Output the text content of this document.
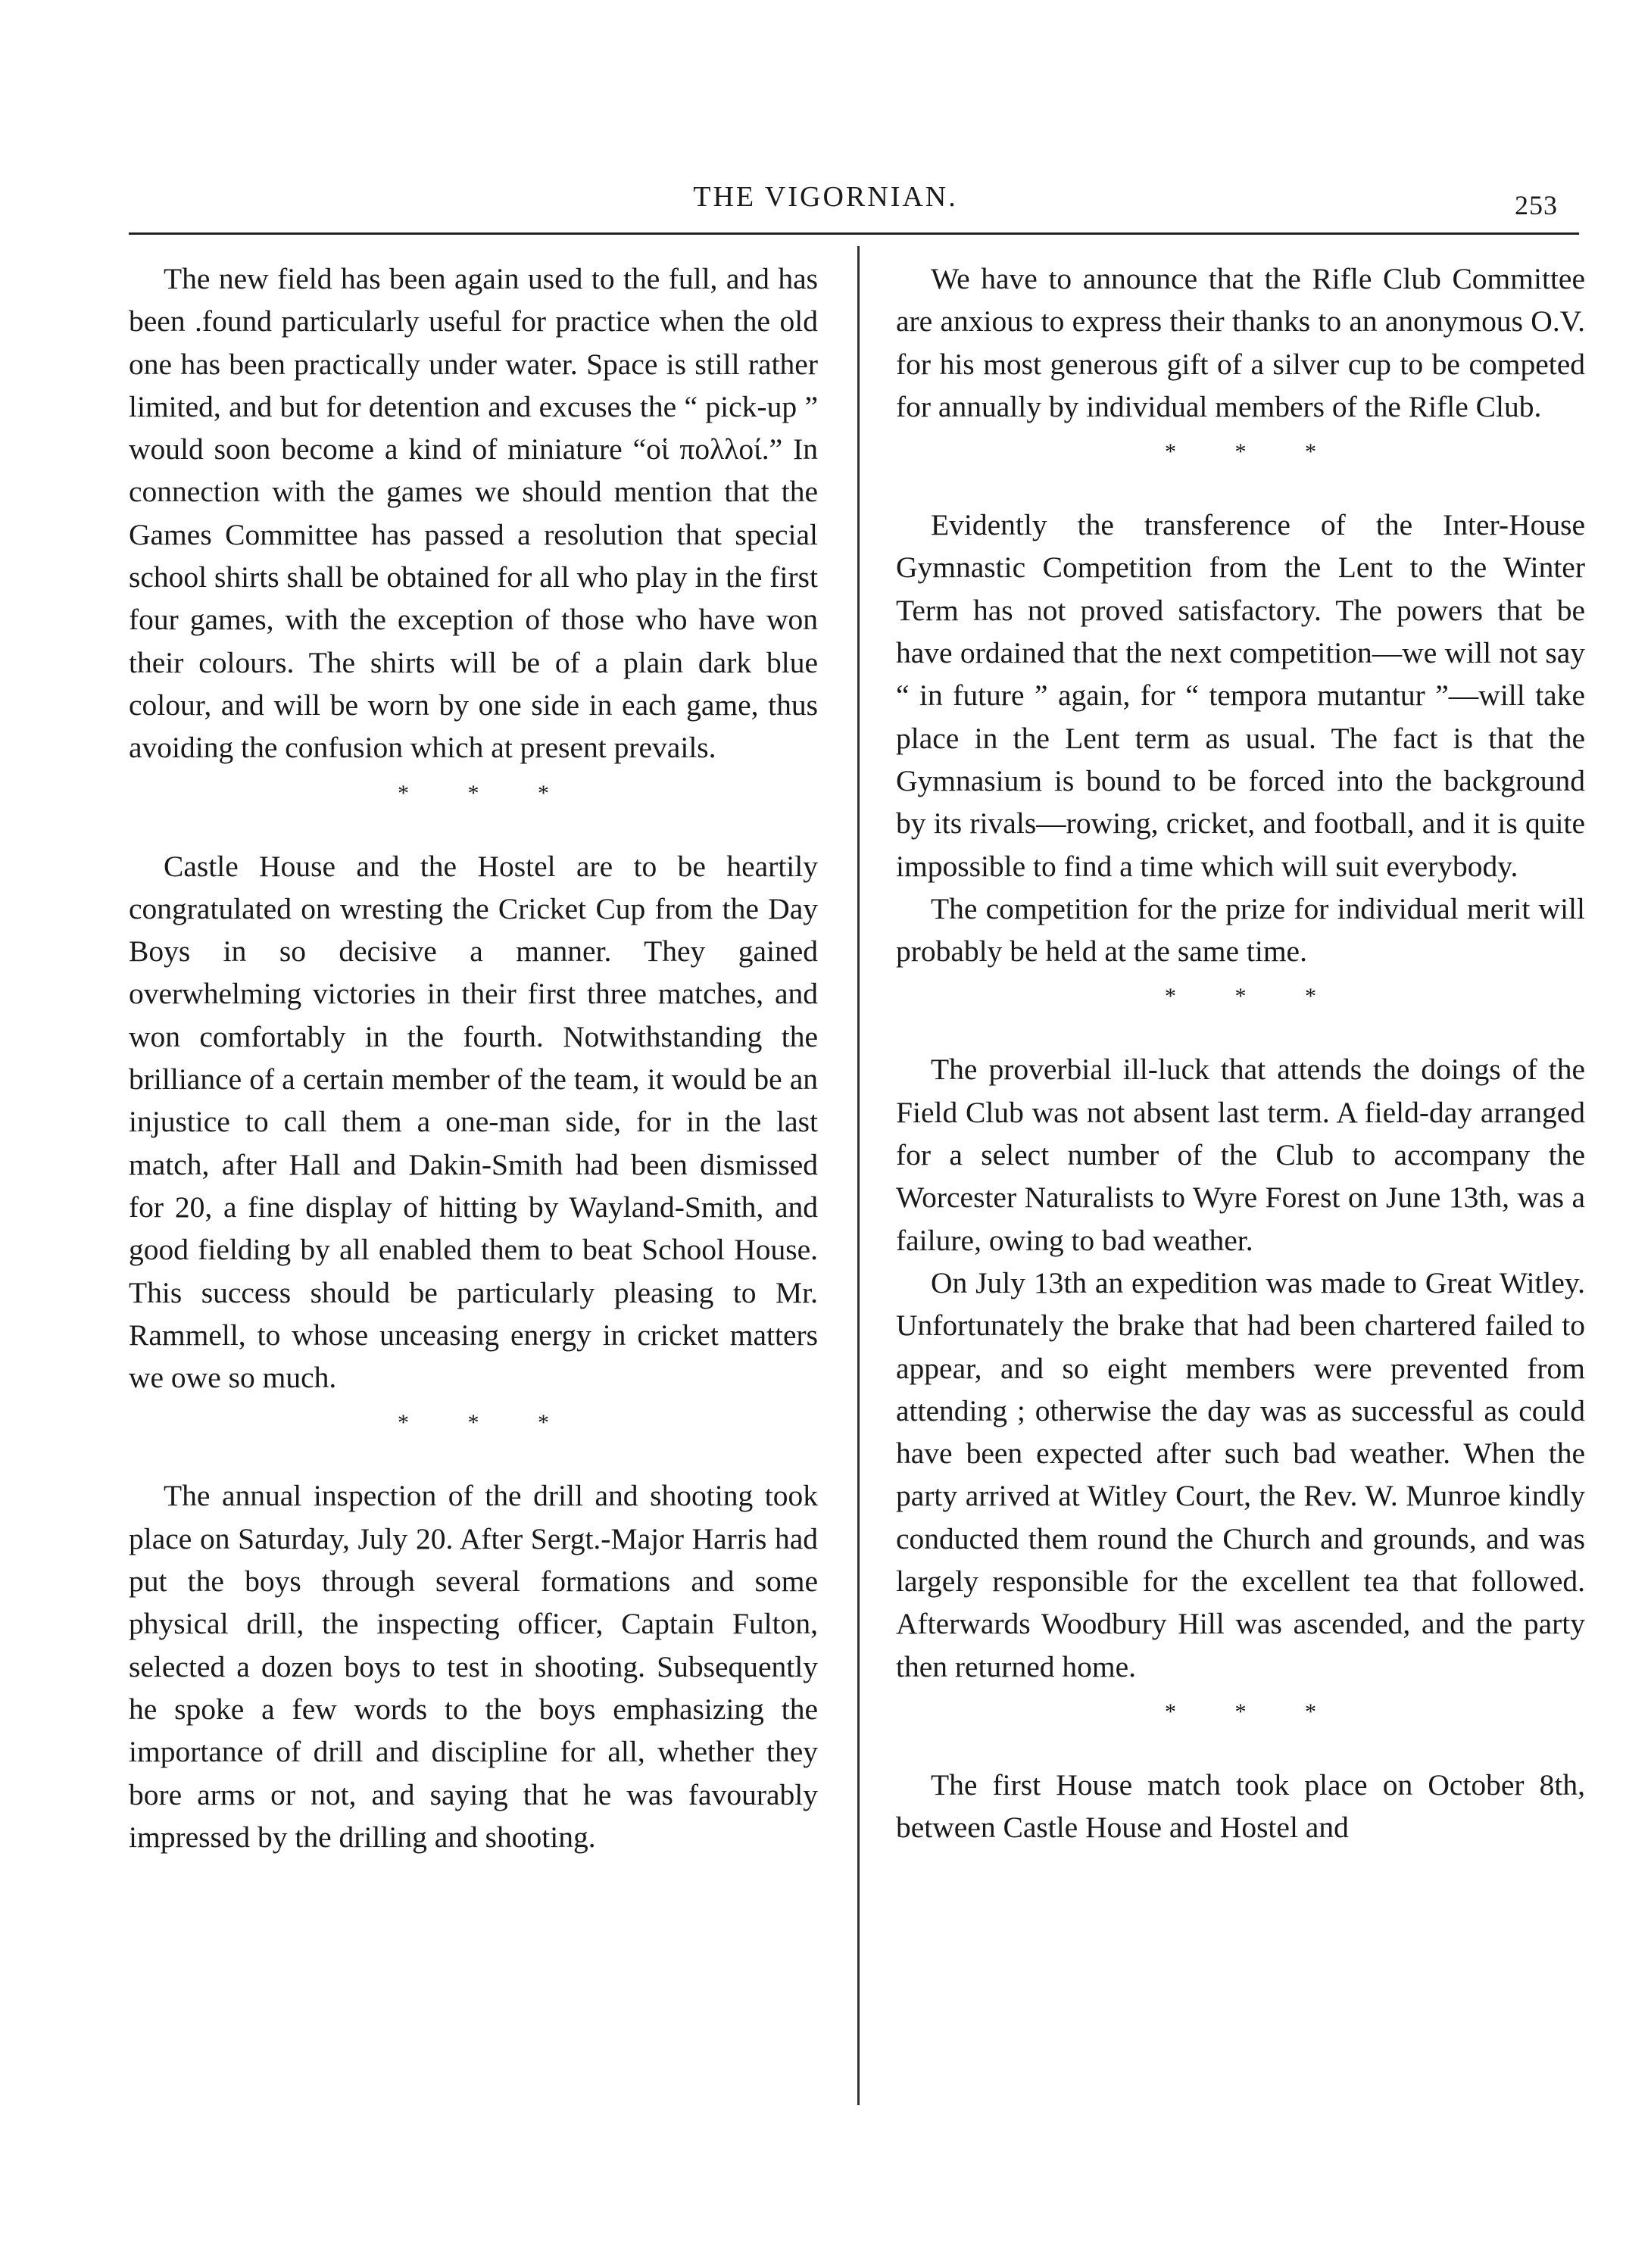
THE VIGORNIAN.	253

The new field has been again used to the full, and has been .found particularly useful for practice when the old one has been practically under water. Space is still rather limited, and but for detention and excuses the “ pick-up ” would soon become a kind of miniature “οἱ πολλοί.” In connection with the games we should mention that the Games Committee has passed a resolution that special school shirts shall be obtained for all who play in the first four games, with the exception of those who have won their colours. The shirts will be of a plain dark blue colour, and will be worn by one side in each game, thus avoiding the confusion which at present prevails.

* * *

Castle House and the Hostel are to be heartily congratulated on wresting the Cricket Cup from the Day Boys in so decisive a manner. They gained overwhelming victories in their first three matches, and won comfortably in the fourth. Notwithstanding the brilliance of a certain member of the team, it would be an injustice to call them a one-man side, for in the last match, after Hall and Dakin-Smith had been dismissed for 20, a fine display of hitting by Wayland-Smith, and good fielding by all enabled them to beat School House. This success should be particularly pleasing to Mr. Rammell, to whose unceasing energy in cricket matters we owe so much.

* * *

The annual inspection of the drill and shooting took place on Saturday, July 20. After Sergt.-Major Harris had put the boys through several formations and some physical drill, the inspecting officer, Captain Fulton, selected a dozen boys to test in shooting. Subsequently he spoke a few words to the boys emphasizing the importance of drill and discipline for all, whether they bore arms or not, and saying that he was favourably impressed by the drilling and shooting.

We have to announce that the Rifle Club Committee are anxious to express their thanks to an anonymous O.V. for his most generous gift of a silver cup to be competed for annually by individual members of the Rifle Club.

* * *

Evidently the transference of the Inter-House Gymnastic Competition from the Lent to the Winter Term has not proved satisfactory. The powers that be have ordained that the next competition—we will not say “ in future ” again, for “ tempora mutantur ”—will take place in the Lent term as usual. The fact is that the Gymnasium is bound to be forced into the background by its rivals—rowing, cricket, and football, and it is quite impossible to find a time which will suit everybody.

The competition for the prize for individual merit will probably be held at the same time.

* * *

The proverbial ill-luck that attends the doings of the Field Club was not absent last term. A field-day arranged for a select number of the Club to accompany the Worcester Naturalists to Wyre Forest on June 13th, was a failure, owing to bad weather.

On July 13th an expedition was made to Great Witley. Unfortunately the brake that had been chartered failed to appear, and so eight members were prevented from attending ; otherwise the day was as successful as could have been expected after such bad weather. When the party arrived at Witley Court, the Rev. W. Munroe kindly conducted them round the Church and grounds, and was largely responsible for the excellent tea that followed. Afterwards Woodbury Hill was ascended, and the party then returned home.

* * *

The first House match took place on October 8th, between Castle House and Hostel and
